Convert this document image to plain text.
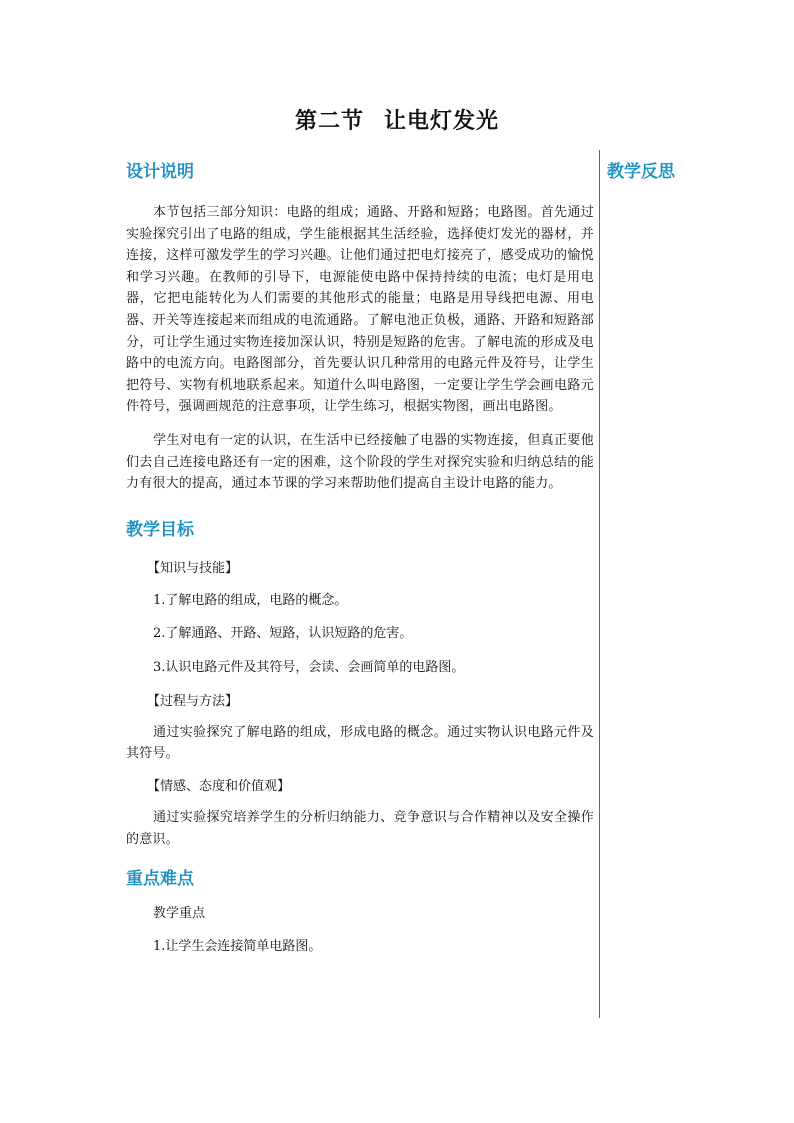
第二节 让电灯发光
教学反思
设计说明

本节包括三部分知识：电路的组成；通路、开路和短路；电路图。首先通过实验探究引出了电路的组成，学生能根据其生活经验，选择使灯发光的器材，并连接，这样可激发学生的学习兴趣。让他们通过把电灯接亮了，感受成功的愉悦和学习兴趣。在教师的引导下，电源能使电路中保持持续的电流；电灯是用电器，它把电能转化为人们需要的其他形式的能量；电路是用导线把电源、用电器、开关等连接起来而组成的电流通路。了解电池正负极，通路、开路和短路部分，可让学生通过实物连接加深认识，特别是短路的危害。了解电流的形成及电路中的电流方向。电路图部分，首先要认识几种常用的电路元件及符号，让学生把符号、实物有机地联系起来。知道什么叫电路图，一定要让学生学会画电路元件符号，强调画规范的注意事项，让学生练习，根据实物图，画出电路图。

学生对电有一定的认识，在生活中已经接触了电器的实物连接，但真正要他们去自己连接电路还有一定的困难，这个阶段的学生对探究实验和归纳总结的能力有很大的提高，通过本节课的学习来帮助他们提高自主设计电路的能力。

教学目标

【知识与技能】

1.了解电路的组成，电路的概念。

2.了解通路、开路、短路，认识短路的危害。

3.认识电路元件及其符号，会读、会画简单的电路图。

【过程与方法】

通过实验探究了解电路的组成，形成电路的概念。通过实物认识电路元件及其符号。

【情感、态度和价值观】

通过实验探究培养学生的分析归纳能力、竞争意识与合作精神以及安全操作的意识。

重点难点

教学重点

1.让学生会连接简单电路图。
